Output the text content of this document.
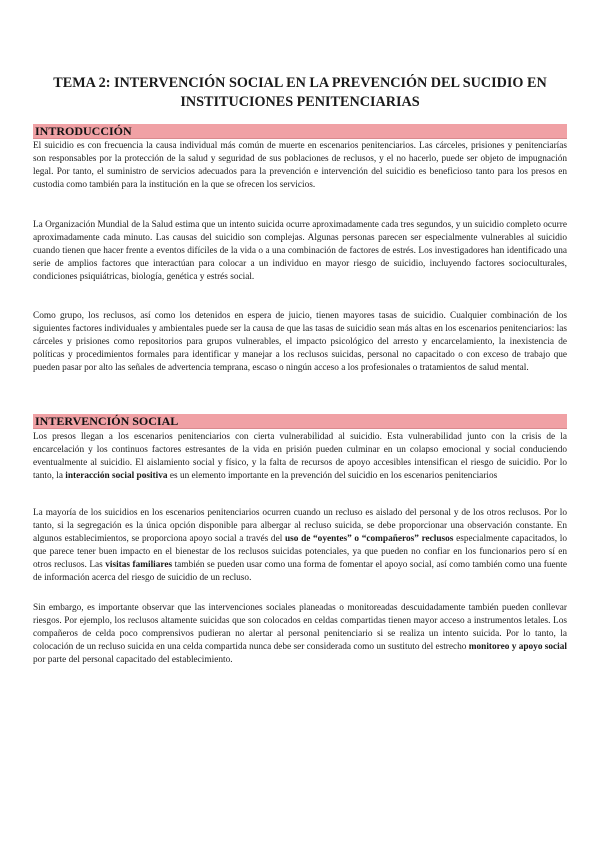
TEMA 2: INTERVENCIÓN SOCIAL EN LA PREVENCIÓN DEL SUCIDIO EN INSTITUCIONES PENITENCIARIAS
INTRODUCCIÓN

El suicidio es con frecuencia la causa individual más común de muerte en escenarios penitenciarios. Las cárceles, prisiones y penitenciarías son responsables por la protección de la salud y seguridad de sus poblaciones de reclusos, y el no hacerlo, puede ser objeto de impugnación legal. Por tanto, el suministro de servicios adecuados para la prevención e intervención del suicidio es beneficioso tanto para los presos en custodia como también para la institución en la que se ofrecen los servicios.

La Organización Mundial de la Salud estima que un intento suicida ocurre aproximadamente cada tres segundos, y un suicidio completo ocurre aproximadamente cada minuto. Las causas del suicidio son complejas. Algunas personas parecen ser especialmente vulnerables al suicidio cuando tienen que hacer frente a eventos difíciles de la vida o a una combinación de factores de estrés. Los investigadores han identificado una serie de amplios factores que interactúan para colocar a un individuo en mayor riesgo de suicidio, incluyendo factores socioculturales, condiciones psiquiátricas, biología, genética y estrés social.

Como grupo, los reclusos, así como los detenidos en espera de juicio, tienen mayores tasas de suicidio. Cualquier combinación de los siguientes factores individuales y ambientales puede ser la causa de que las tasas de suicidio sean más altas en los escenarios penitenciarios: las cárceles y prisiones como repositorios para grupos vulnerables, el impacto psicológico del arresto y encarcelamiento, la inexistencia de políticas y procedimientos formales para identificar y manejar a los reclusos suicidas, personal no capacitado o con exceso de trabajo que pueden pasar por alto las señales de advertencia temprana, escaso o ningún acceso a los profesionales o tratamientos de salud mental.

INTERVENCIÓN SOCIAL

Los presos llegan a los escenarios penitenciarios con cierta vulnerabilidad al suicidio. Esta vulnerabilidad junto con la crisis de la encarcelación y los continuos factores estresantes de la vida en prisión pueden culminar en un colapso emocional y social conduciendo eventualmente al suicidio. El aislamiento social y físico, y la falta de recursos de apoyo accesibles intensifican el riesgo de suicidio. Por lo tanto, la interacción social positiva es un elemento importante en la prevención del suicidio en los escenarios penitenciarios

La mayoría de los suicidios en los escenarios penitenciarios ocurren cuando un recluso es aislado del personal y de los otros reclusos. Por lo tanto, si la segregación es la única opción disponible para albergar al recluso suicida, se debe proporcionar una observación constante. En algunos establecimientos, se proporciona apoyo social a través del uso de “oyentes” o “compañeros” reclusos especialmente capacitados, lo que parece tener buen impacto en el bienestar de los reclusos suicidas potenciales, ya que pueden no confiar en los funcionarios pero sí en otros reclusos. Las visitas familiares también se pueden usar como una forma de fomentar el apoyo social, así como también como una fuente de información acerca del riesgo de suicidio de un recluso.

Sin embargo, es importante observar que las intervenciones sociales planeadas o monitoreadas descuidadamente también pueden conllevar riesgos. Por ejemplo, los reclusos altamente suicidas que son colocados en celdas compartidas tienen mayor acceso a instrumentos letales. Los compañeros de celda poco comprensivos pudieran no alertar al personal penitenciario si se realiza un intento suicida. Por lo tanto, la colocación de un recluso suicida en una celda compartida nunca debe ser considerada como un sustituto del estrecho monitoreo y apoyo social por parte del personal capacitado del establecimiento.
